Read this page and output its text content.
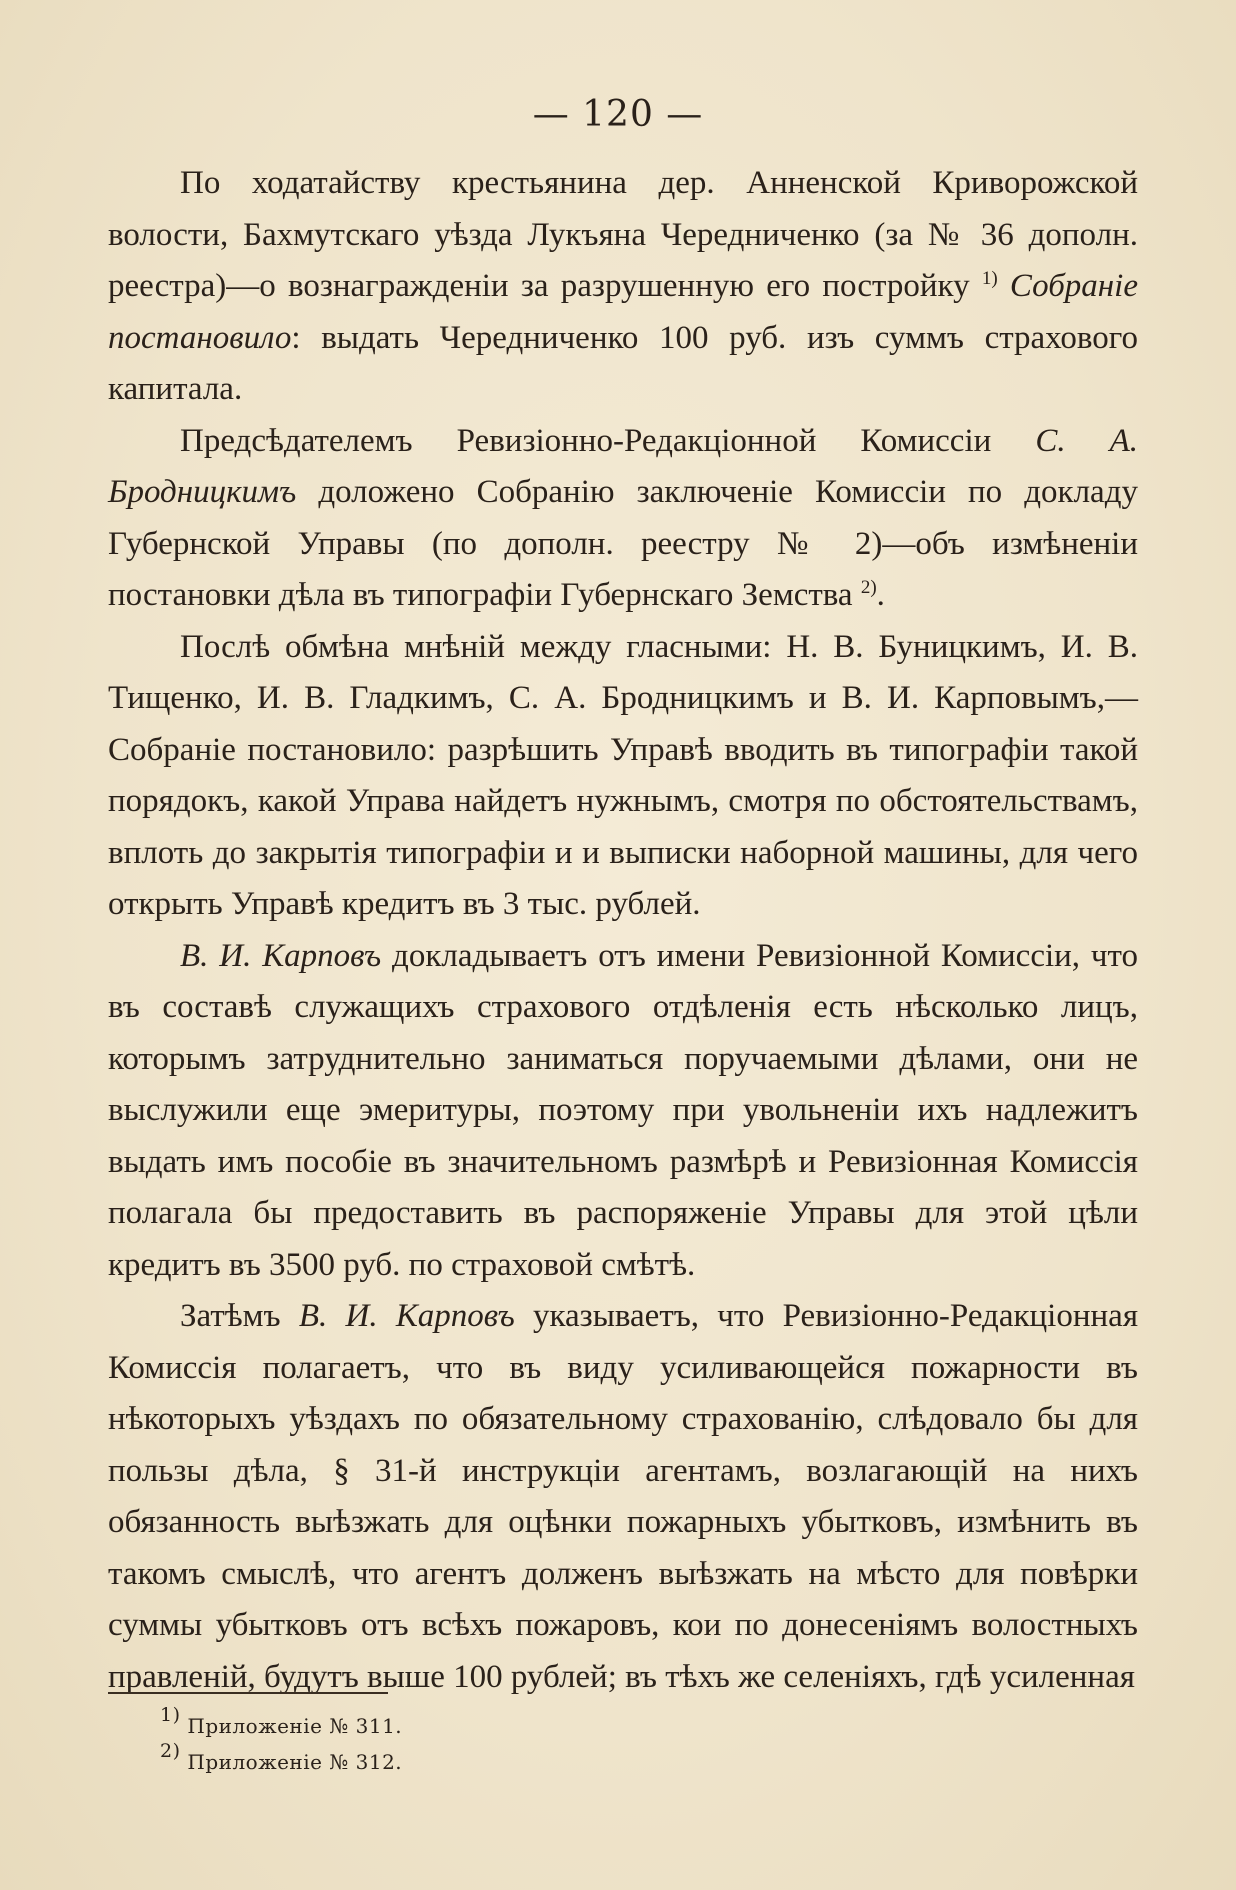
— 120 —

По ходатайству крестьянина дер. Анненской Криворожской волости, Бахмутскаго уѣзда Лукъяна Чередниченко (за № 36 дополн. реестра)—о вознагражденіи за разрушенную его постройку $^{1)}$ Собраніе постановило: выдать Чередниченко 100 руб. изъ суммъ страхового капитала.

Предсѣдателемъ Ревизіонно-Редакціонной Комиссіи С. А. Бродницкимъ доложено Собранію заключеніе Комиссіи по докладу Губернской Управы (по дополн. реестру № 2)—объ измѣненіи постановки дѣла въ типографіи Губернскаго Земства $^{2)}$.

Послѣ обмѣна мнѣній между гласными: Н. В. Буницкимъ, И. В. Тищенко, И. В. Гладкимъ, С. А. Бродницкимъ и В. И. Карповымъ,—Собраніе постановило: разрѣшить Управѣ вводить въ типографіи такой порядокъ, какой Управа найдетъ нужнымъ, смотря по обстоятельствамъ, вплоть до закрытія типографіи и и выписки наборной машины, для чего открыть Управѣ кредитъ въ 3 тыс. рублей.

В. И. Карповъ докладываетъ отъ имени Ревизіонной Комиссіи, что въ составѣ служащихъ страхового отдѣленія есть нѣсколько лицъ, которымъ затруднительно заниматься поручаемыми дѣлами, они не выслужили еще эмеритуры, поэтому при увольненіи ихъ надлежитъ выдать имъ пособіе въ значительномъ размѣрѣ и Ревизіонная Комиссія полагала бы предоставить въ распоряженіе Управы для этой цѣли кредитъ въ 3500 руб. по страховой смѣтѣ.

Затѣмъ В. И. Карповъ указываетъ, что Ревизіонно-Редакціонная Комиссія полагаетъ, что въ виду усиливающейся пожарности въ нѣкоторыхъ уѣздахъ по обязательному страхованію, слѣдовало бы для пользы дѣла, § 31-й инструкціи агентамъ, возлагающій на нихъ обязанность выѣзжать для оцѣнки пожарныхъ убытковъ, измѣнить въ такомъ смыслѣ, что агентъ долженъ выѣзжать на мѣсто для повѣрки суммы убытковъ отъ всѣхъ пожаровъ, кои по донесеніямъ волостныхъ правленій, будутъ выше 100 рублей; въ тѣхъ же селеніяхъ, гдѣ усиленная

$^{1)}$ Приложеніе № 311.
$^{2)}$ Приложеніе № 312.
